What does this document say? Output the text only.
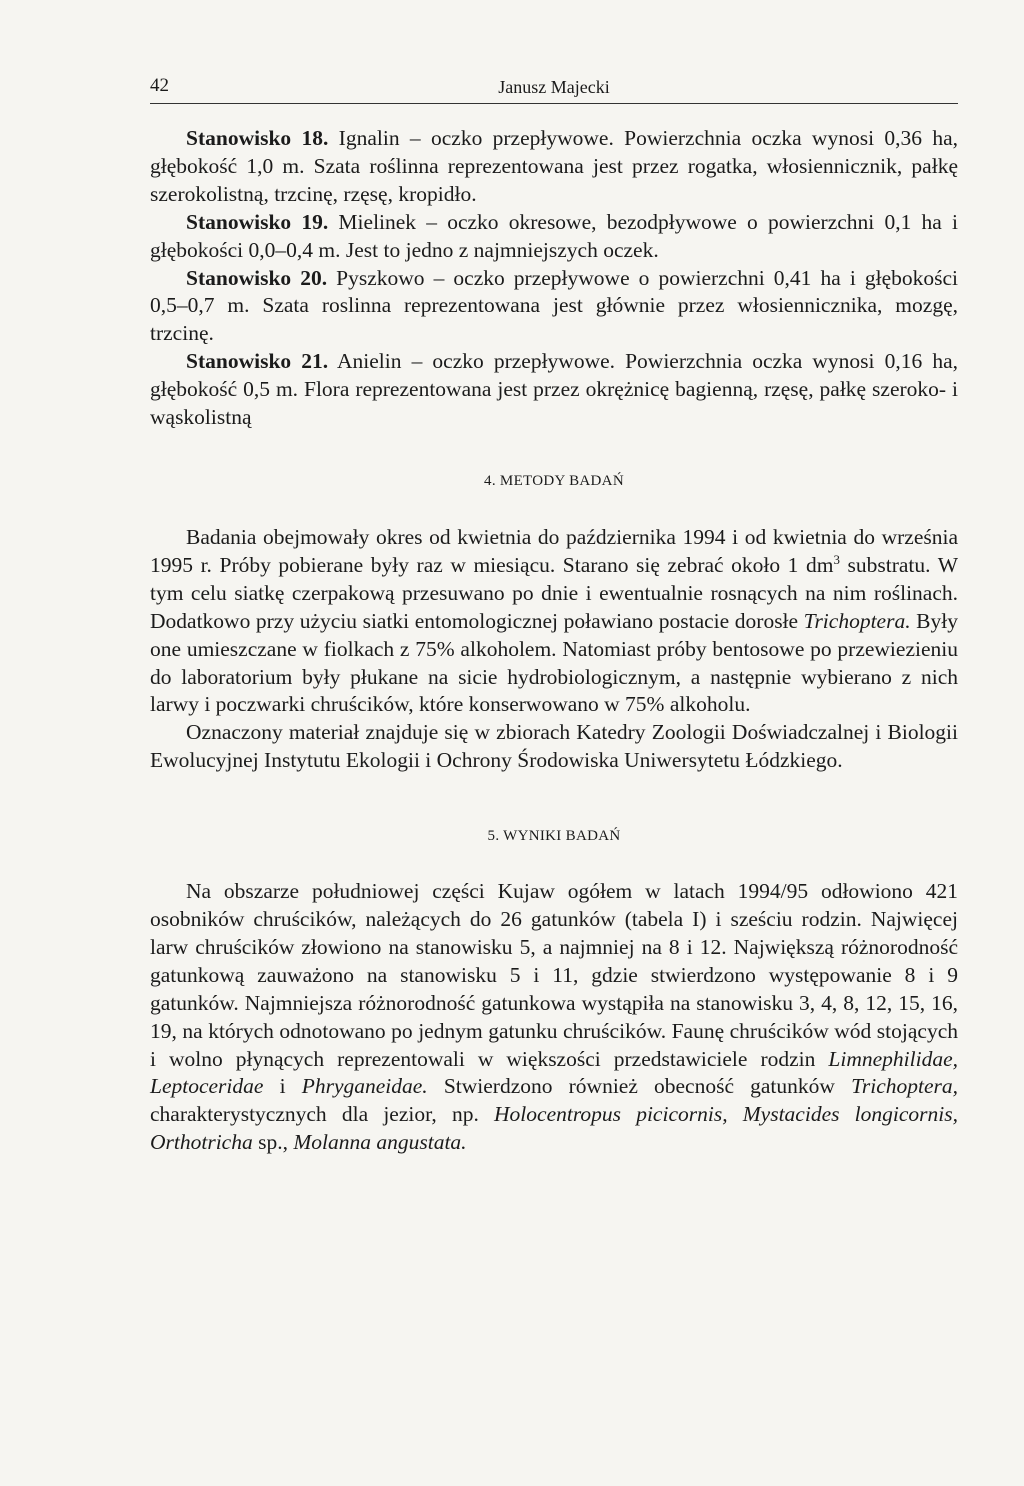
42	Janusz Majecki

Stanowisko 18. Ignalin – oczko przepływowe. Powierzchnia oczka wynosi 0,36 ha, głębokość 1,0 m. Szata roślinna reprezentowana jest przez rogatka, włosiennicznik, pałkę szerokolistną, trzcinę, rzęsę, kropidło.

Stanowisko 19. Mielinek – oczko okresowe, bezodpływowe o powierzchni 0,1 ha i głębokości 0,0–0,4 m. Jest to jedno z najmniejszych oczek.

Stanowisko 20. Pyszkowo – oczko przepływowe o powierzchni 0,41 ha i głębokości 0,5–0,7 m. Szata roslinna reprezentowana jest głównie przez włosiennicznika, mozgę, trzcinę.

Stanowisko 21. Anielin – oczko przepływowe. Powierzchnia oczka wynosi 0,16 ha, głębokość 0,5 m. Flora reprezentowana jest przez okrężnicę bagienną, rzęsę, pałkę szeroko- i wąskolistną

4. METODY BADAŃ

Badania obejmowały okres od kwietnia do października 1994 i od kwietnia do września 1995 r. Próby pobierane były raz w miesiącu. Starano się zebrać około 1 $dm^3$ substratu. W tym celu siatkę czerpakową przesuwano po dnie i ewentualnie rosnących na nim roślinach. Dodatkowo przy użyciu siatki entomologicznej poławiano postacie dorosłe Trichoptera. Były one umieszczane w fiolkach z 75% alkoholem. Natomiast próby bentosowe po przewiezieniu do laboratorium były płukane na sicie hydrobiologicznym, a następnie wybierano z nich larwy i poczwarki chruścików, które konserwowano w 75% alkoholu.

Oznaczony materiał znajduje się w zbiorach Katedry Zoologii Doświadczalnej i Biologii Ewolucyjnej Instytutu Ekologii i Ochrony Środowiska Uniwersytetu Łódzkiego.

5. WYNIKI BADAŃ

Na obszarze południowej części Kujaw ogółem w latach 1994/95 odłowiono 421 osobników chruścików, należących do 26 gatunków (tabela I) i sześciu rodzin. Najwięcej larw chruścików złowiono na stanowisku 5, a najmniej na 8 i 12. Największą różnorodność gatunkową zauważono na stanowisku 5 i 11, gdzie stwierdzono występowanie 8 i 9 gatunków. Najmniejsza różnorodność gatunkowa wystąpiła na stanowisku 3, 4, 8, 12, 15, 16, 19, na których odnotowano po jednym gatunku chruścików. Faunę chruścików wód stojących i wolno płynących reprezentowali w większości przedstawiciele rodzin Limnephilidae, Leptoceridae i Phryganeidae. Stwierdzono również obecność gatunków Trichoptera, charakterystycznych dla jezior, np. Holocentropus picicornis, Mystacides longicornis, Orthotricha sp., Molanna angustata.
